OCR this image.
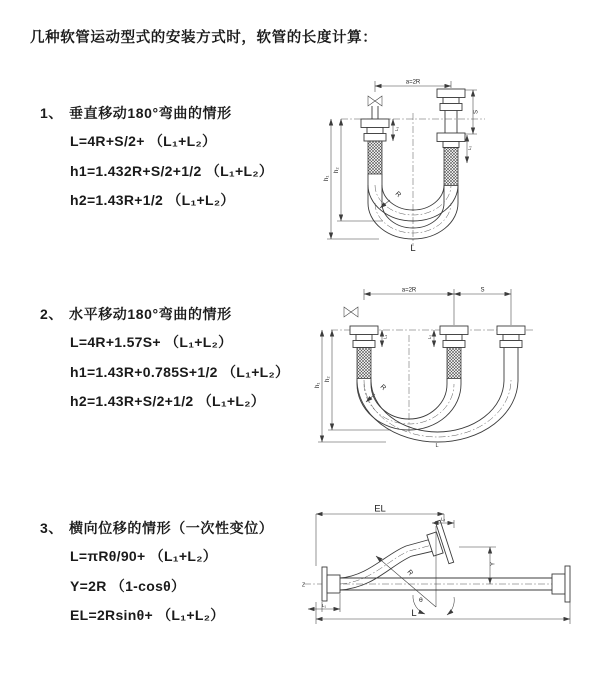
几种软管运动型式的安装方式时，软管的长度计算：
1、 垂直移动180°弯曲的情形
L=4R+S/2+ （L₁+L₂）
h1=1.432R+S/2+1/2 （L₁+L₂）
h2=1.43R+1/2 （L₁+L₂）
a=2R
h₁
h₂
L₁
S
L₂
R
L
2、 水平移动180°弯曲的情形
L=4R+1.57S+ （L₁+L₂）
h1=1.43R+0.785S+1/2 （L₁+L₂）
h2=1.43R+S/2+1/2 （L₁+L₂）
a=2R	S
h₁
h₂
L₁	L₂
R
L
3、 横向位移的情形（一次性变位）
L=πRθ/90+ （L₁+L₂）
Y=2R （1-cosθ）
EL=2Rsinθ+ （L₁+L₂）
Z
EL
L₂
Y
R
θ
L
L₁
